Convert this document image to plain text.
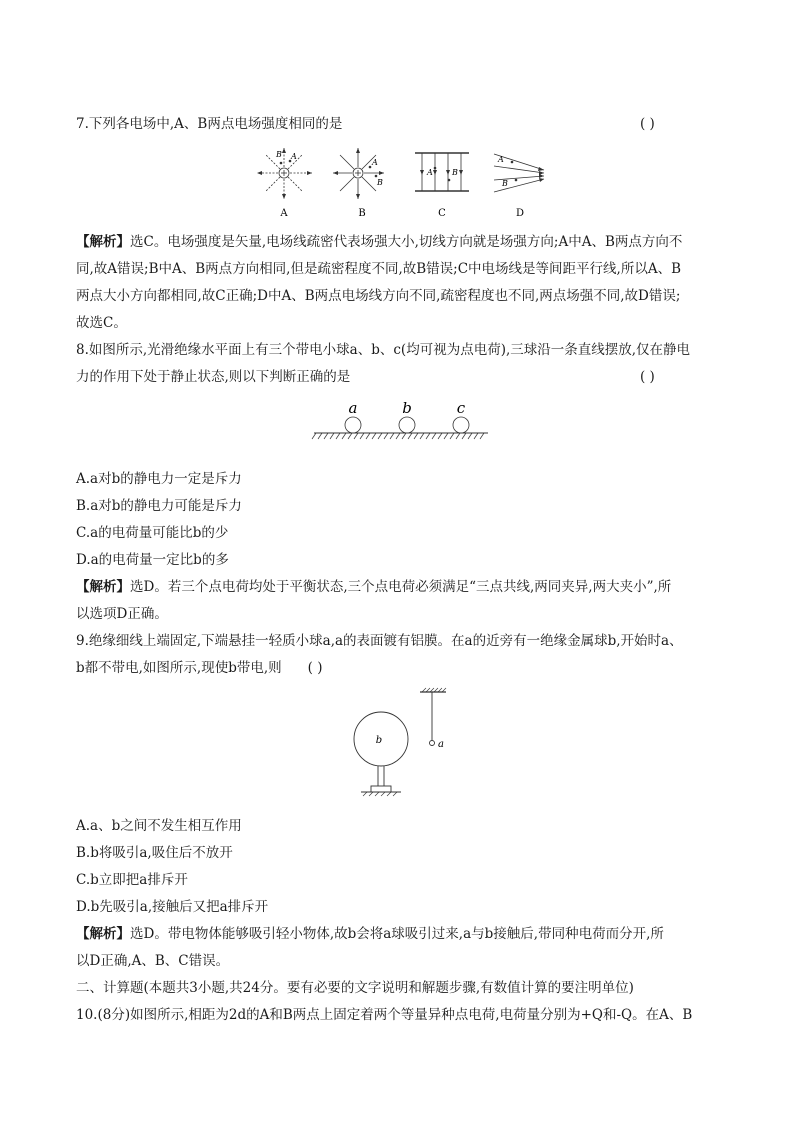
7.下列各电场中,A、B两点电场强度相同的是	( )
A
B
A
B
A B
A
B
A	B	C	D
【解析】选C。电场强度是矢量,电场线疏密代表场强大小,切线方向就是场强方向;A中A、B两点方向不
同,故A错误;B中A、B两点方向相同,但是疏密程度不同,故B错误;C中电场线是等间距平行线,所以A、B
两点大小方向都相同,故C正确;D中A、B两点电场线方向不同,疏密程度也不同,两点场强不同,故D错误;
故选C。
8.如图所示,光滑绝缘水平面上有三个带电小球a、b、c(均可视为点电荷),三球沿一条直线摆放,仅在静电
力的作用下处于静止状态,则以下判断正确的是	( )
a	b	c
A.a对b的静电力一定是斥力
B.a对b的静电力可能是斥力
C.a的电荷量可能比b的少
D.a的电荷量一定比b的多
【解析】选D。若三个点电荷均处于平衡状态,三个点电荷必须满足“三点共线,两同夹异,两大夹小”,所
以选项D正确。
9.绝缘细线上端固定,下端悬挂一轻质小球a,a的表面镀有铝膜。在a的近旁有一绝缘金属球b,开始时a、
b都不带电,如图所示,现使b带电,则 ( )
b	a
A.a、b之间不发生相互作用
B.b将吸引a,吸住后不放开
C.b立即把a排斥开
D.b先吸引a,接触后又把a排斥开
【解析】选D。带电物体能够吸引轻小物体,故b会将a球吸引过来,a与b接触后,带同种电荷而分开,所
以D正确,A、B、C错误。
二、计算题(本题共3小题,共24分。要有必要的文字说明和解题步骤,有数值计算的要注明单位)
10.(8分)如图所示,相距为2d的A和B两点上固定着两个等量异种点电荷,电荷量分别为+Q和-Q。在A、B
